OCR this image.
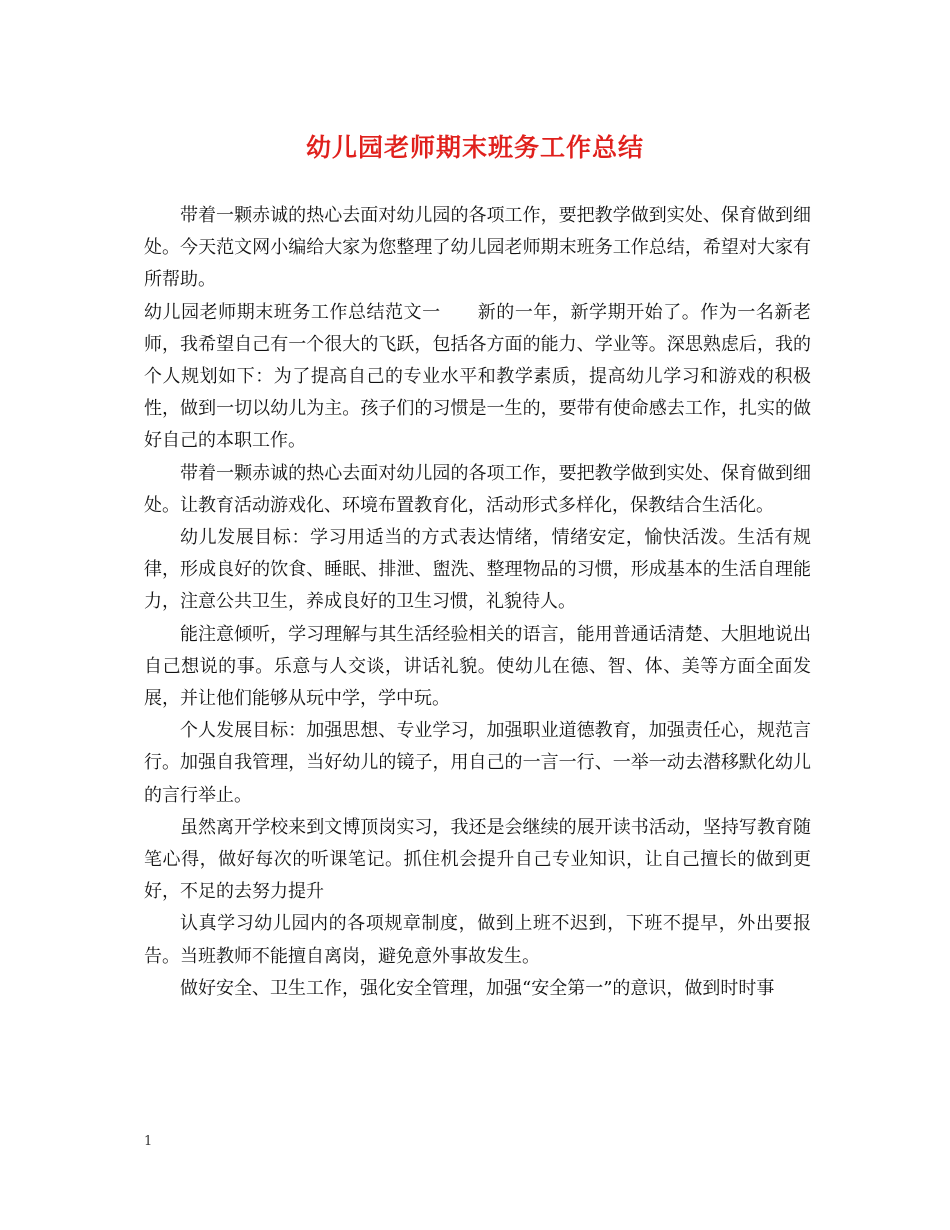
幼儿园老师期末班务工作总结

带着一颗赤诚的热心去面对幼儿园的各项工作，要把教学做到实处、保育做到细处。今天范文网小编给大家为您整理了幼儿园老师期末班务工作总结，希望对大家有所帮助。

幼儿园老师期末班务工作总结范文一　　新的一年，新学期开始了。作为一名新老师，我希望自己有一个很大的飞跃，包括各方面的能力、学业等。深思熟虑后，我的个人规划如下：为了提高自己的专业水平和教学素质，提高幼儿学习和游戏的积极性，做到一切以幼儿为主。孩子们的习惯是一生的，要带有使命感去工作，扎实的做好自己的本职工作。

带着一颗赤诚的热心去面对幼儿园的各项工作，要把教学做到实处、保育做到细处。让教育活动游戏化、环境布置教育化，活动形式多样化，保教结合生活化。

幼儿发展目标：学习用适当的方式表达情绪，情绪安定，愉快活泼。生活有规律，形成良好的饮食、睡眠、排泄、盥洗、整理物品的习惯，形成基本的生活自理能力，注意公共卫生，养成良好的卫生习惯，礼貌待人。

能注意倾听，学习理解与其生活经验相关的语言，能用普通话清楚、大胆地说出自己想说的事。乐意与人交谈，讲话礼貌。使幼儿在德、智、体、美等方面全面发展，并让他们能够从玩中学，学中玩。

个人发展目标：加强思想、专业学习，加强职业道德教育，加强责任心，规范言行。加强自我管理，当好幼儿的镜子，用自己的一言一行、一举一动去潜移默化幼儿的言行举止。

虽然离开学校来到文博顶岗实习，我还是会继续的展开读书活动，坚持写教育随笔心得，做好每次的听课笔记。抓住机会提升自己专业知识，让自己擅长的做到更好，不足的去努力提升

认真学习幼儿园内的各项规章制度，做到上班不迟到，下班不提早，外出要报告。当班教师不能擅自离岗，避免意外事故发生。

做好安全、卫生工作，强化安全管理，加强“安全第一”的意识，做到时时事

1
